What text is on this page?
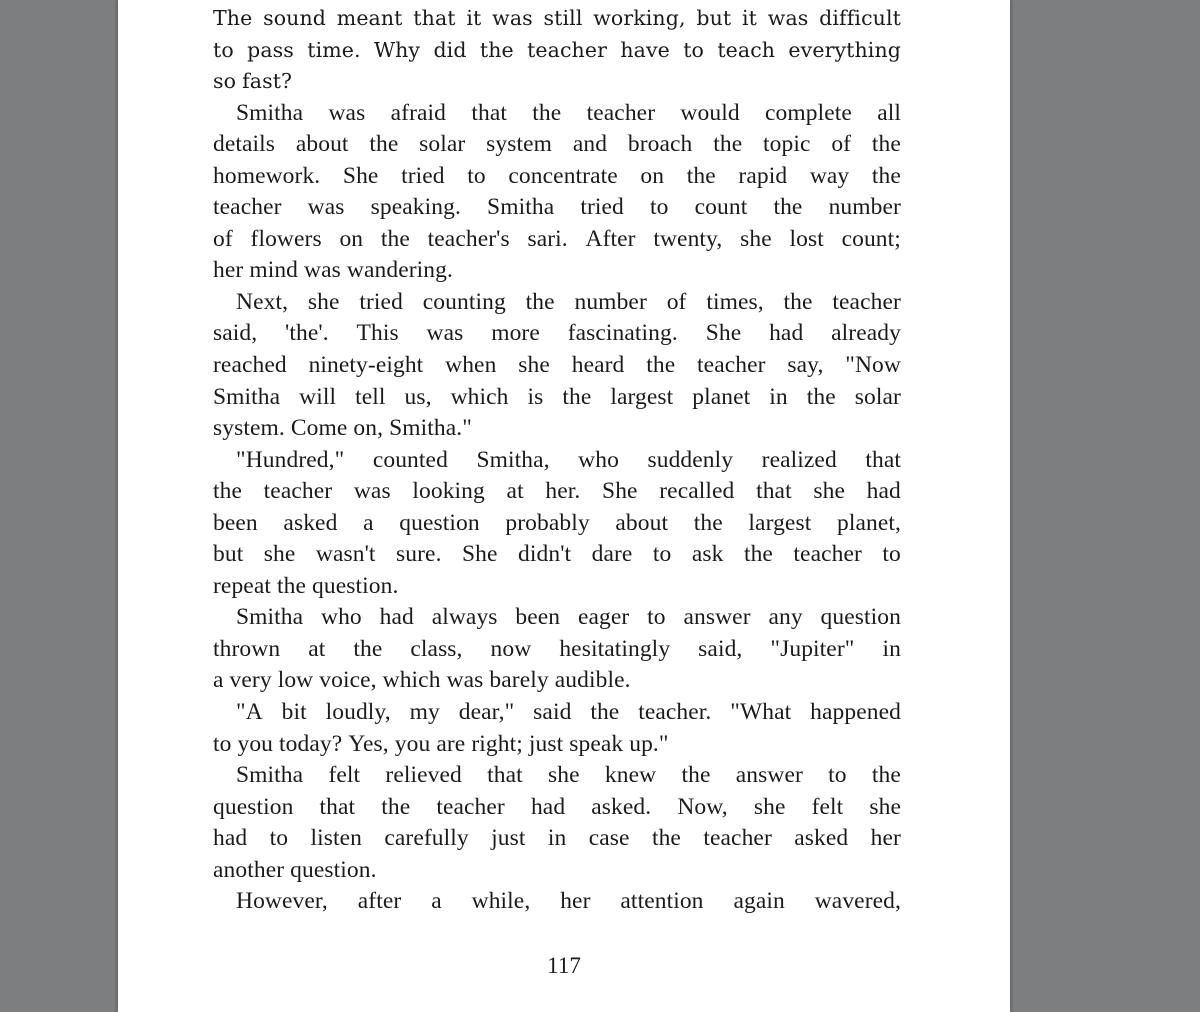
The sound meant that it was still working, but it was difficult
to pass time. Why did the teacher have to teach everything
so fast?
Smitha was afraid that the teacher would complete all
details about the solar system and broach the topic of the
homework. She tried to concentrate on the rapid way the
teacher was speaking. Smitha tried to count the number
of flowers on the teacher's sari. After twenty, she lost count;
her mind was wandering.
Next, she tried counting the number of times, the teacher
said, 'the'. This was more fascinating. She had already
reached ninety-eight when she heard the teacher say, "Now
Smitha will tell us, which is the largest planet in the solar
system. Come on, Smitha."
"Hundred," counted Smitha, who suddenly realized that
the teacher was looking at her. She recalled that she had
been asked a question probably about the largest planet,
but she wasn't sure. She didn't dare to ask the teacher to
repeat the question.
Smitha who had always been eager to answer any question
thrown at the class, now hesitatingly said, "Jupiter" in
a very low voice, which was barely audible.
"A bit loudly, my dear," said the teacher. "What happened
to you today? Yes, you are right; just speak up."
Smitha felt relieved that she knew the answer to the
question that the teacher had asked. Now, she felt she
had to listen carefully just in case the teacher asked her
another question.
However, after a while, her attention again wavered,
117
